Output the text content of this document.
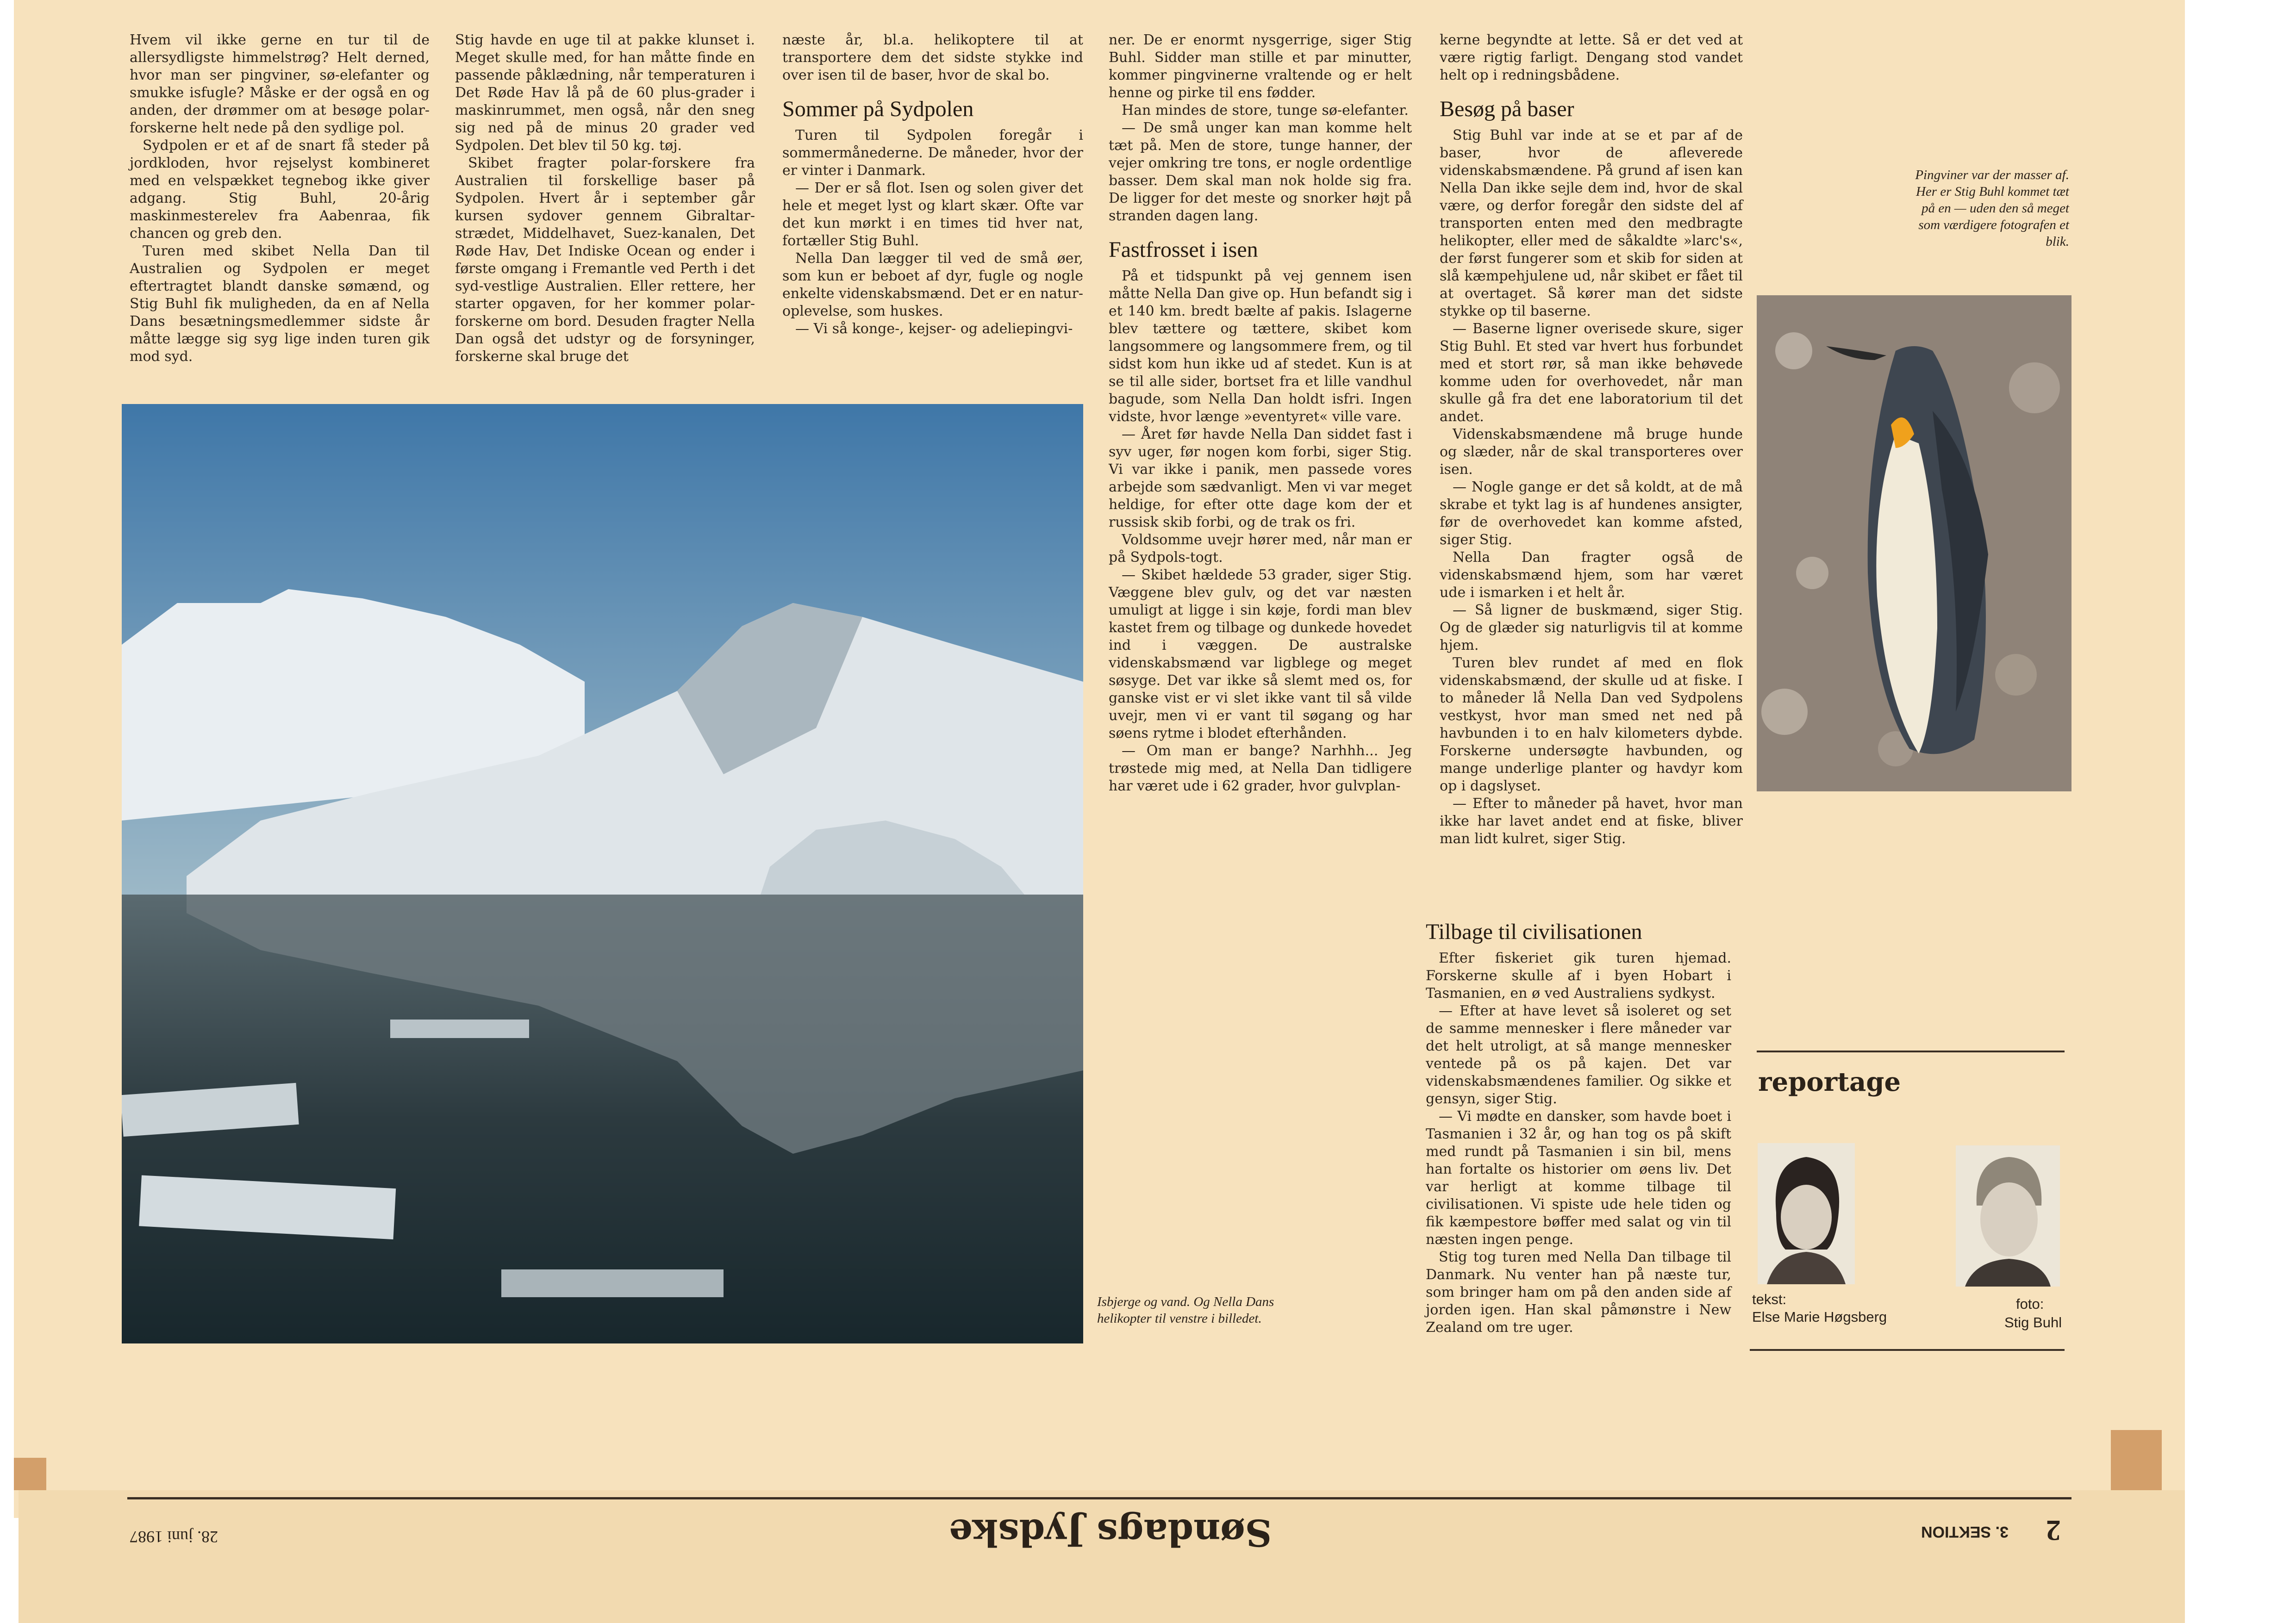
Hvem vil ikke gerne en tur til de allersydligste himmelstrøg? Helt derned, hvor man ser pingviner, sø-elefanter og smukke isfugle? Måske er der også en og anden, der drømmer om at besøge polar-forskerne helt nede på den sydlige pol.

Sydpolen er et af de snart få steder på jordkloden, hvor rejselyst kombineret med en velspækket tegnebog ikke giver adgang. Stig Buhl, 20-årig maskinmesterelev fra Aabenraa, fik chancen og greb den.

Turen med skibet Nella Dan til Australien og Sydpolen er meget eftertragtet blandt danske sømænd, og Stig Buhl fik muligheden, da en af Nella Dans besætningsmedlemmer sidste år måtte lægge sig syg lige inden turen gik mod syd.

Stig havde en uge til at pakke klunset i. Meget skulle med, for han måtte finde en passende påklædning, når temperaturen i Det Røde Hav lå på de 60 plus-grader i maskinrummet, men også, når den sneg sig ned på de minus 20 grader ved Sydpolen. Det blev til 50 kg. tøj.

Skibet fragter polar-forskere fra Australien til forskellige baser på Sydpolen. Hvert år i september går kursen sydover gennem Gibraltar-strædet, Middelhavet, Suez-kanalen, Det Røde Hav, Det Indiske Ocean og ender i første omgang i Fremantle ved Perth i det syd-vestlige Australien. Eller rettere, her starter opgaven, for her kommer polar-forskerne om bord. Desuden fragter Nella Dan også det udstyr og de forsyninger, forskerne skal bruge det

næste år, bl.a. helikoptere til at transportere dem det sidste stykke ind over isen til de baser, hvor de skal bo.

Sommer på Sydpolen

Turen til Sydpolen foregår i sommermånederne. De måneder, hvor der er vinter i Danmark.

— Der er så flot. Isen og solen giver det hele et meget lyst og klart skær. Ofte var det kun mørkt i en times tid hver nat, fortæller Stig Buhl.

Nella Dan lægger til ved de små øer, som kun er beboet af dyr, fugle og nogle enkelte videnskabsmænd. Det er en natur-oplevelse, som huskes.

— Vi så konge-, kejser- og adeliepingvi-

ner. De er enormt nysgerrige, siger Stig Buhl. Sidder man stille et par minutter, kommer pingvinerne vraltende og er helt henne og pirke til ens fødder.

Han mindes de store, tunge sø-elefanter.

— De små unger kan man komme helt tæt på. Men de store, tunge hanner, der vejer omkring tre tons, er nogle ordentlige basser. Dem skal man nok holde sig fra. De ligger for det meste og snorker højt på stranden dagen lang.

Fastfrosset i isen

På et tidspunkt på vej gennem isen måtte Nella Dan give op. Hun befandt sig i et 140 km. bredt bælte af pakis. Islagerne blev tættere og tættere, skibet kom langsommere og langsommere frem, og til sidst kom hun ikke ud af stedet. Kun is at se til alle sider, bortset fra et lille vandhul bagude, som Nella Dan holdt isfri. Ingen vidste, hvor længe »eventyret« ville vare.

— Året før havde Nella Dan siddet fast i syv uger, før nogen kom forbi, siger Stig. Vi var ikke i panik, men passede vores arbejde som sædvanligt. Men vi var meget heldige, for efter otte dage kom der et russisk skib forbi, og de trak os fri.

Voldsomme uvejr hører med, når man er på Sydpols-togt.

— Skibet hældede 53 grader, siger Stig. Væggene blev gulv, og det var næsten umuligt at ligge i sin køje, fordi man blev kastet frem og tilbage og dunkede hovedet ind i væggen. De australske videnskabsmænd var ligblege og meget søsyge. Det var ikke så slemt med os, for ganske vist er vi slet ikke vant til så vilde uvejr, men vi er vant til søgang og har søens rytme i blodet efterhånden.

— Om man er bange? Narhhh... Jeg trøstede mig med, at Nella Dan tidligere har været ude i 62 grader, hvor gulvplan-

kerne begyndte at lette. Så er det ved at være rigtig farligt. Dengang stod vandet helt op i redningsbådene.

Besøg på baser

Stig Buhl var inde at se et par af de baser, hvor de afleverede videnskabsmændene. På grund af isen kan Nella Dan ikke sejle dem ind, hvor de skal være, og derfor foregår den sidste del af transporten enten med den medbragte helikopter, eller med de såkaldte »larc's«, der først fungerer som et skib for siden at slå kæmpehjulene ud, når skibet er fået til at overtaget. Så kører man det sidste stykke op til baserne.

— Baserne ligner overisede skure, siger Stig Buhl. Et sted var hvert hus forbundet med et stort rør, så man ikke behøvede komme uden for overhovedet, når man skulle gå fra det ene laboratorium til det andet.

Videnskabsmændene må bruge hunde og slæder, når de skal transporteres over isen.

— Nogle gange er det så koldt, at de må skrabe et tykt lag is af hundenes ansigter, før de overhovedet kan komme afsted, siger Stig.

Nella Dan fragter også de videnskabsmænd hjem, som har været ude i ismarken i et helt år.

— Så ligner de buskmænd, siger Stig. Og de glæder sig naturligvis til at komme hjem.

Turen blev rundet af med en flok videnskabsmænd, der skulle ud at fiske. I to måneder lå Nella Dan ved Sydpolens vestkyst, hvor man smed net ned på havbunden i to en halv kilometers dybde. Forskerne undersøgte havbunden, og mange underlige planter og havdyr kom op i dagslyset.

— Efter to måneder på havet, hvor man ikke har lavet andet end at fiske, bliver man lidt kulret, siger Stig.

Tilbage til civilisationen

Efter fiskeriet gik turen hjemad. Forskerne skulle af i byen Hobart i Tasmanien, en ø ved Australiens sydkyst.

— Efter at have levet så isoleret og set de samme mennesker i flere måneder var det helt utroligt, at så mange mennesker ventede på os på kajen. Det var videnskabsmændenes familier. Og sikke et gensyn, siger Stig.

— Vi mødte en dansker, som havde boet i Tasmanien i 32 år, og han tog os på skift med rundt på Tasmanien i sin bil, mens han fortalte os historier om øens liv. Det var herligt at komme tilbage til civilisationen. Vi spiste ude hele tiden og fik kæmpestore bøffer med salat og vin til næsten ingen penge.

Stig tog turen med Nella Dan tilbage til Danmark. Nu venter han på næste tur, som bringer ham om på den anden side af jorden igen. Han skal påmønstre i New Zealand om tre uger.

Isbjerge og vand. Og Nella Dans helikopter til venstre i billedet.
Pingviner var der masser af. Her er Stig Buhl kommet tæt på en — uden den så meget som værdigere fotografen et blik.
reportage
tekst:
Else Marie Høgsberg
foto:
Stig Buhl
2
3. SEKTION
Søndags Jydske
28. juni 1987
